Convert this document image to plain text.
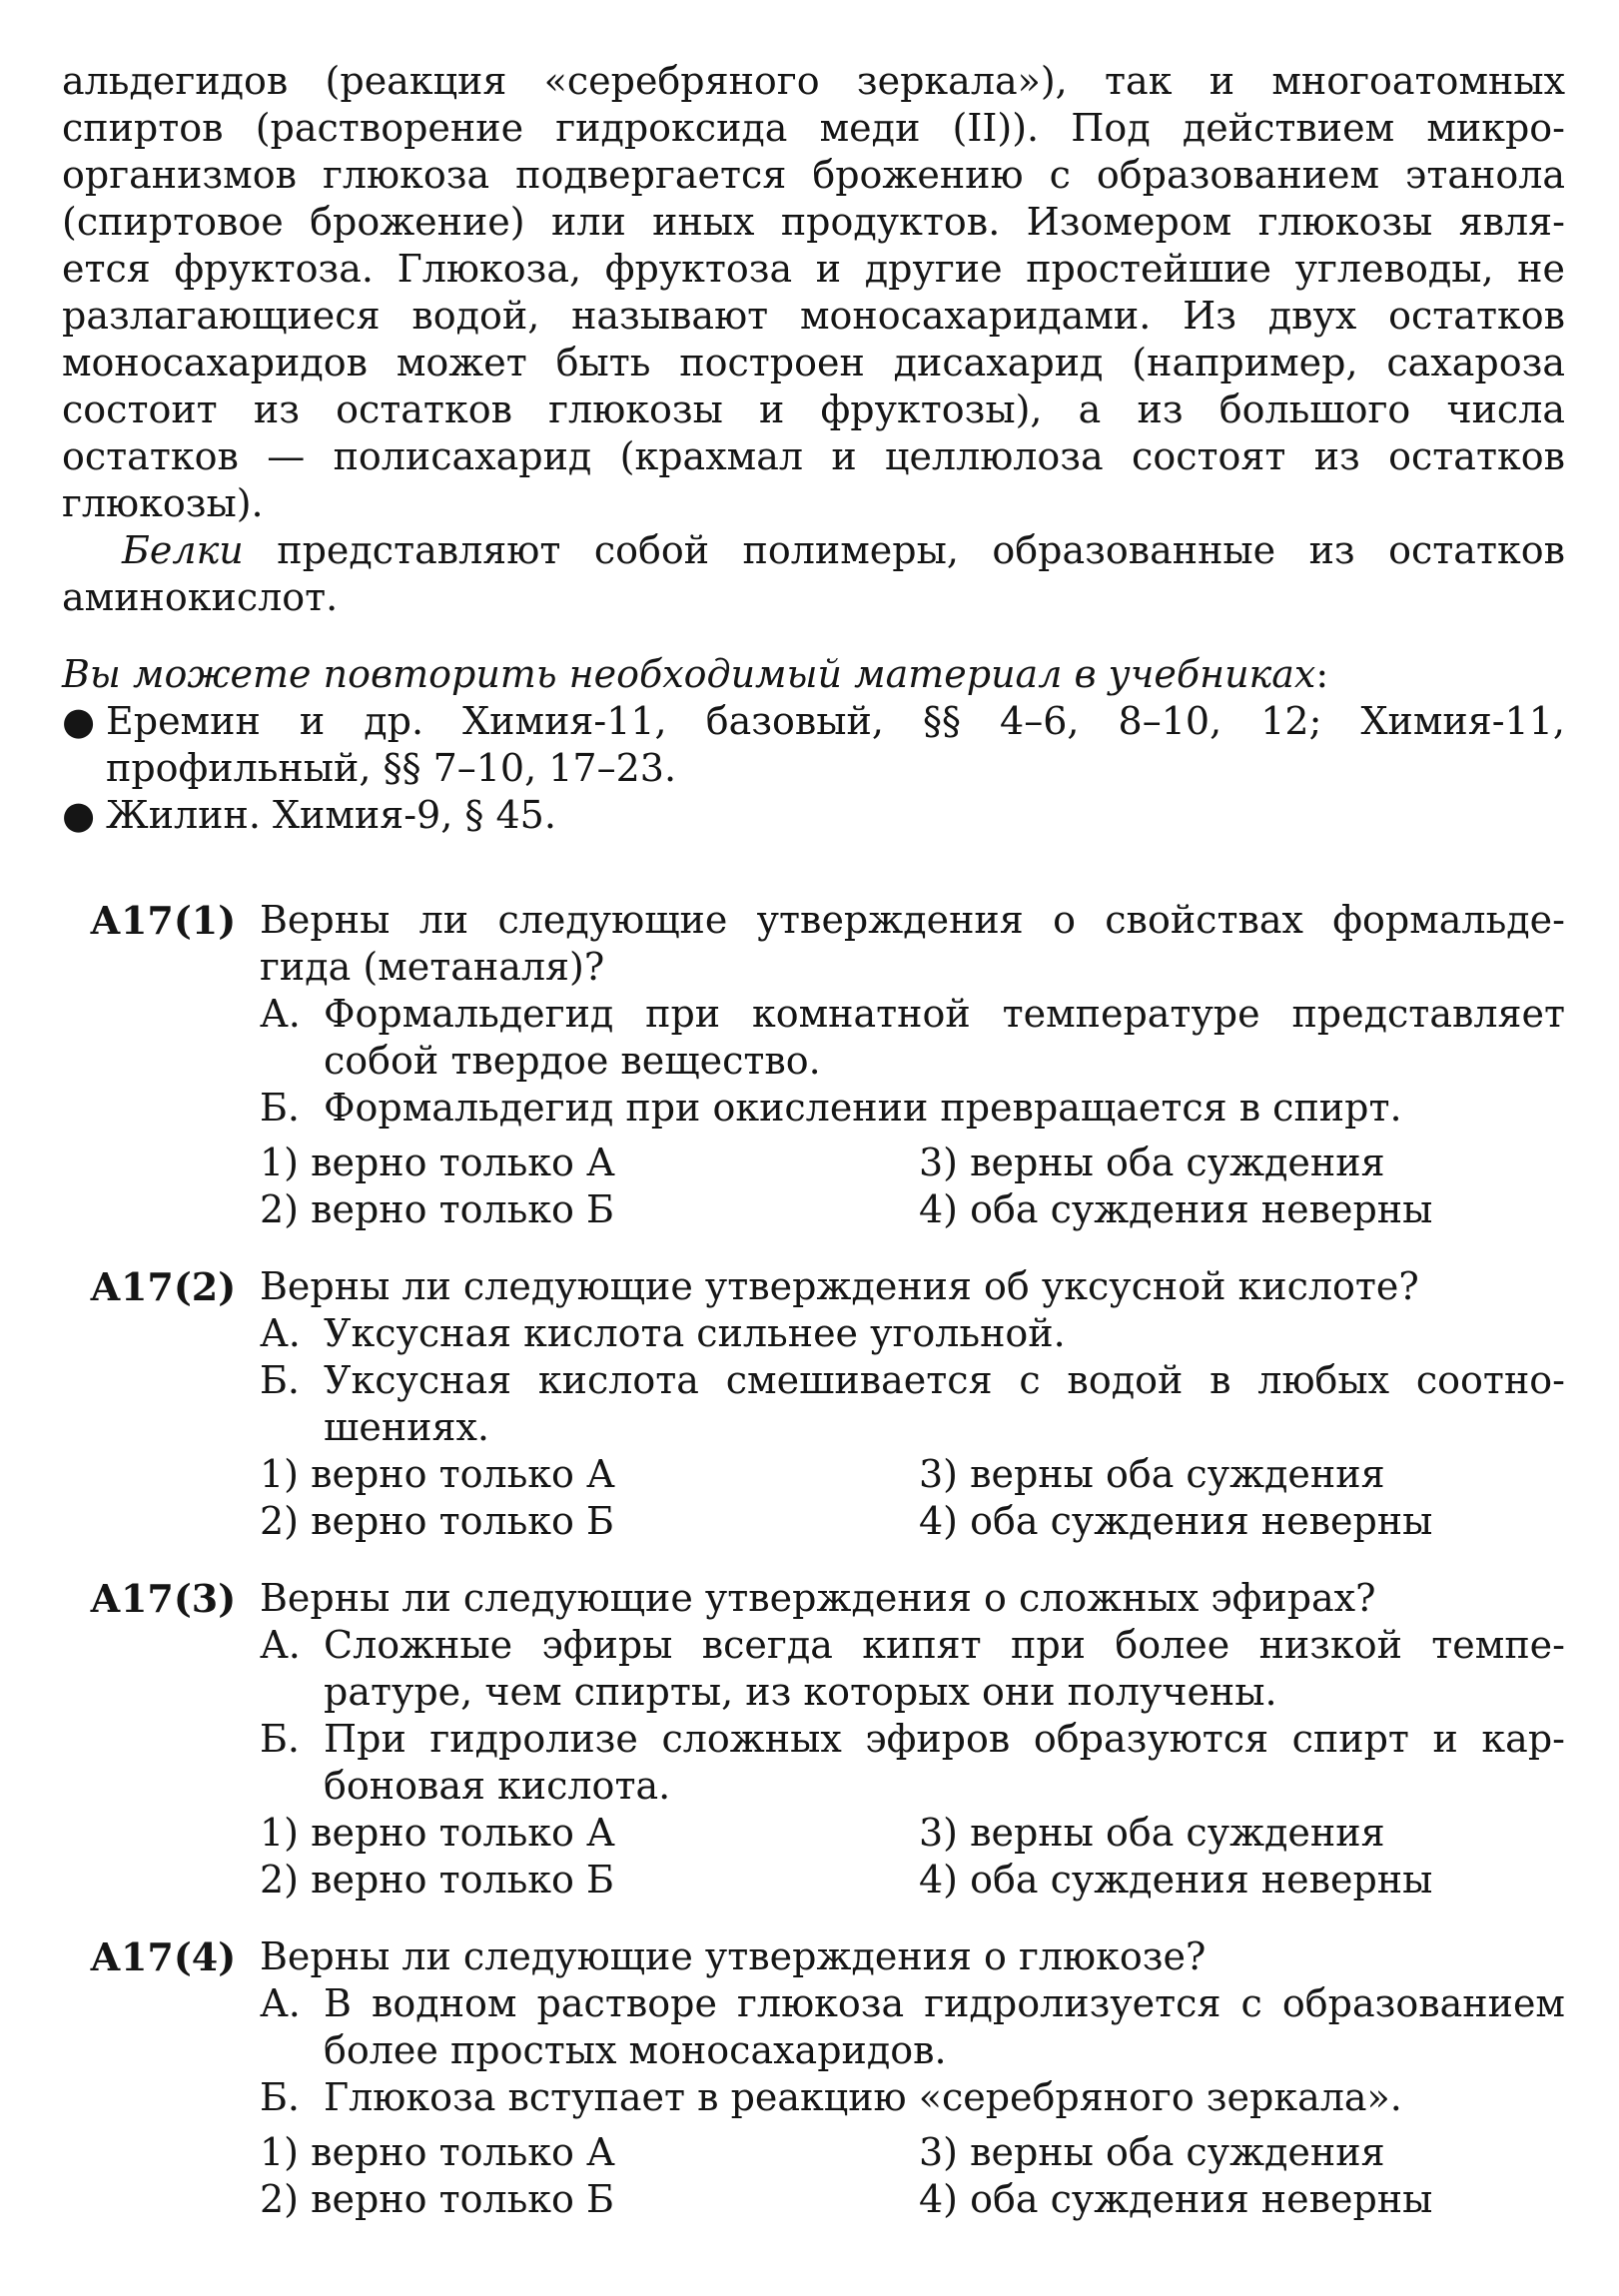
альдегидов (реакция «серебряного зеркала»), так и многоатомных
спиртов (растворение гидроксида меди (II)). Под действием микро-
организмов глюкоза подвергается брожению с образованием этанола
(спиртовое брожение) или иных продуктов. Изомером глюкозы явля-
ется фруктоза. Глюкоза, фруктоза и другие простейшие углеводы, не
разлагающиеся водой, называют моносахаридами. Из двух остатков
моносахаридов может быть построен дисахарид (например, сахароза
состоит из остатков глюкозы и фруктозы), а из большого числа
остатков — полисахарид (крахмал и целлюлоза состоят из остатков
глюкозы).
Белки представляют собой полимеры, образованные из остатков
аминокислот.
Вы можете повторить необходимый материал в учебниках:
● Еремин и др. Химия-11, базовый, §§ 4–6, 8–10, 12; Химия-11,
профильный, §§ 7–10, 17–23.
● Жилин. Химия-9, § 45.
А17(1) Верны ли следующие утверждения о свойствах формальде-
гида (метаналя)?
А. Формальдегид при комнатной температуре представляет
собой твердое вещество.
Б. Формальдегид при окислении превращается в спирт.
1) верно только А	3) верны оба суждения
2) верно только Б	4) оба суждения неверны
А17(2) Верны ли следующие утверждения об уксусной кислоте?
А. Уксусная кислота сильнее угольной.
Б. Уксусная кислота смешивается с водой в любых соотно-
шениях.
1) верно только А	3) верны оба суждения
2) верно только Б	4) оба суждения неверны
А17(3) Верны ли следующие утверждения о сложных эфирах?
А. Сложные эфиры всегда кипят при более низкой темпе-
ратуре, чем спирты, из которых они получены.
Б. При гидролизе сложных эфиров образуются спирт и кар-
боновая кислота.
1) верно только А	3) верны оба суждения
2) верно только Б	4) оба суждения неверны
А17(4) Верны ли следующие утверждения о глюкозе?
А. В водном растворе глюкоза гидролизуется с образованием
более простых моносахаридов.
Б. Глюкоза вступает в реакцию «серебряного зеркала».
1) верно только А	3) верны оба суждения
2) верно только Б	4) оба суждения неверны
